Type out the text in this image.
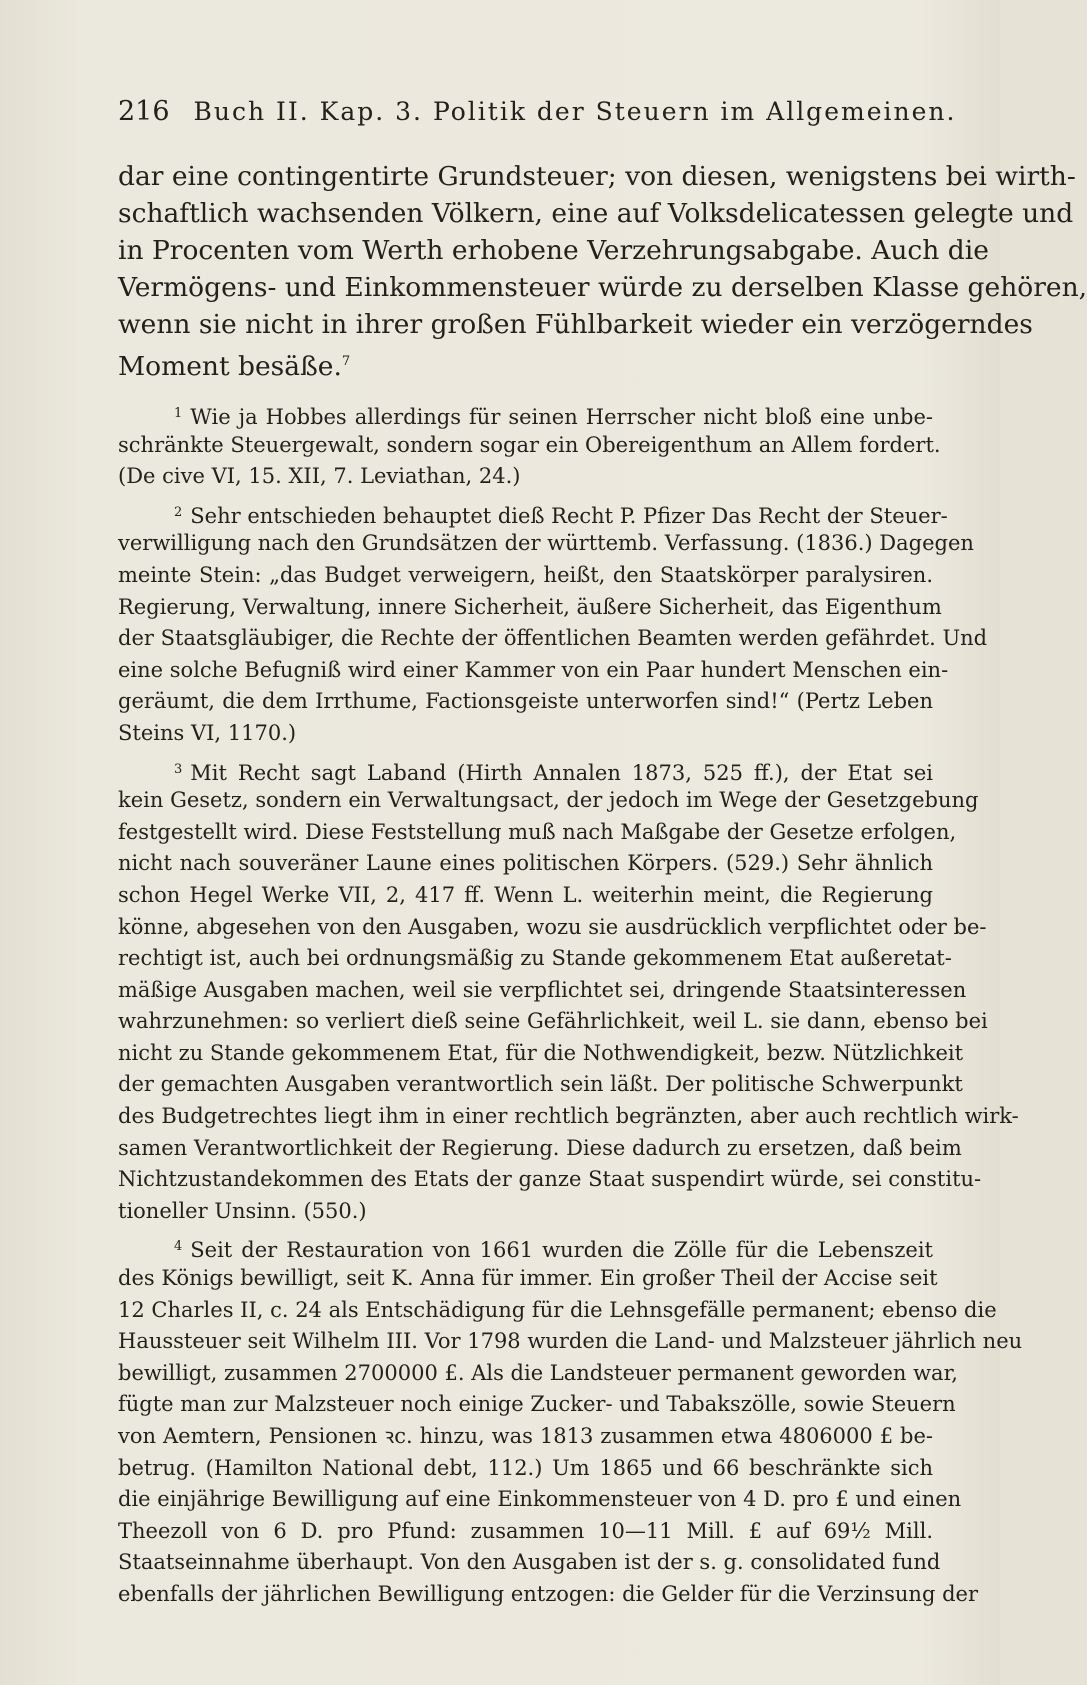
216 Buch II. Kap. 3. Politik der Steuern im Allgemeinen.
dar eine contingentirte Grundsteuer; von diesen, wenigstens bei wirth-
schaftlich wachsenden Völkern, eine auf Volksdelicatessen gelegte und
in Procenten vom Werth erhobene Verzehrungsabgabe. Auch die
Vermögens- und Einkommensteuer würde zu derselben Klasse gehören,
wenn sie nicht in ihrer großen Fühlbarkeit wieder ein verzögerndes
Moment besäße.$^7$
$^1$ Wie ja Hobbes allerdings für seinen Herrscher nicht bloß eine unbe-
schränkte Steuergewalt, sondern sogar ein Obereigenthum an Allem fordert.
(De cive VI, 15. XII, 7. Leviathan, 24.)
$^2$ Sehr entschieden behauptet dieß Recht P. Pfizer Das Recht der Steuer-
verwilligung nach den Grundsätzen der württemb. Verfassung. (1836.) Dagegen
meinte Stein: „das Budget verweigern, heißt, den Staatskörper paralysiren.
Regierung, Verwaltung, innere Sicherheit, äußere Sicherheit, das Eigenthum
der Staatsgläubiger, die Rechte der öffentlichen Beamten werden gefährdet. Und
eine solche Befugniß wird einer Kammer von ein Paar hundert Menschen ein-
geräumt, die dem Irrthume, Factionsgeiste unterworfen sind!“ (Pertz Leben
Steins VI, 1170.)
$^3$ Mit Recht sagt Laband (Hirth Annalen 1873, 525 ff.), der Etat sei
kein Gesetz, sondern ein Verwaltungsact, der jedoch im Wege der Gesetzgebung
festgestellt wird. Diese Feststellung muß nach Maßgabe der Gesetze erfolgen,
nicht nach souveräner Laune eines politischen Körpers. (529.) Sehr ähnlich
schon Hegel Werke VII, 2, 417 ff. Wenn L. weiterhin meint, die Regierung
könne, abgesehen von den Ausgaben, wozu sie ausdrücklich verpflichtet oder be-
rechtigt ist, auch bei ordnungsmäßig zu Stande gekommenem Etat außeretat-
mäßige Ausgaben machen, weil sie verpflichtet sei, dringende Staatsinteressen
wahrzunehmen: so verliert dieß seine Gefährlichkeit, weil L. sie dann, ebenso bei
nicht zu Stande gekommenem Etat, für die Nothwendigkeit, bezw. Nützlichkeit
der gemachten Ausgaben verantwortlich sein läßt. Der politische Schwerpunkt
des Budgetrechtes liegt ihm in einer rechtlich begränzten, aber auch rechtlich wirk-
samen Verantwortlichkeit der Regierung. Diese dadurch zu ersetzen, daß beim
Nichtzustandekommen des Etats der ganze Staat suspendirt würde, sei constitu-
tioneller Unsinn. (550.)
$^4$ Seit der Restauration von 1661 wurden die Zölle für die Lebenszeit
des Königs bewilligt, seit K. Anna für immer. Ein großer Theil der Accise seit
12 Charles II, c. 24 als Entschädigung für die Lehnsgefälle permanent; ebenso die
Haussteuer seit Wilhelm III. Vor 1798 wurden die Land- und Malzsteuer jährlich neu
bewilligt, zusammen 2700000 £. Als die Landsteuer permanent geworden war,
fügte man zur Malzsteuer noch einige Zucker- und Tabakszölle, sowie Steuern
von Aemtern, Pensionen ꝛc. hinzu, was 1813 zusammen etwa 4806000 £ be-
betrug. (Hamilton National debt, 112.) Um 1865 und 66 beschränkte sich
die einjährige Bewilligung auf eine Einkommensteuer von 4 D. pro £ und einen
Theezoll von 6 D. pro Pfund: zusammen 10—11 Mill. £ auf 69½ Mill.
Staatseinnahme überhaupt. Von den Ausgaben ist der s. g. consolidated fund
ebenfalls der jährlichen Bewilligung entzogen: die Gelder für die Verzinsung der
